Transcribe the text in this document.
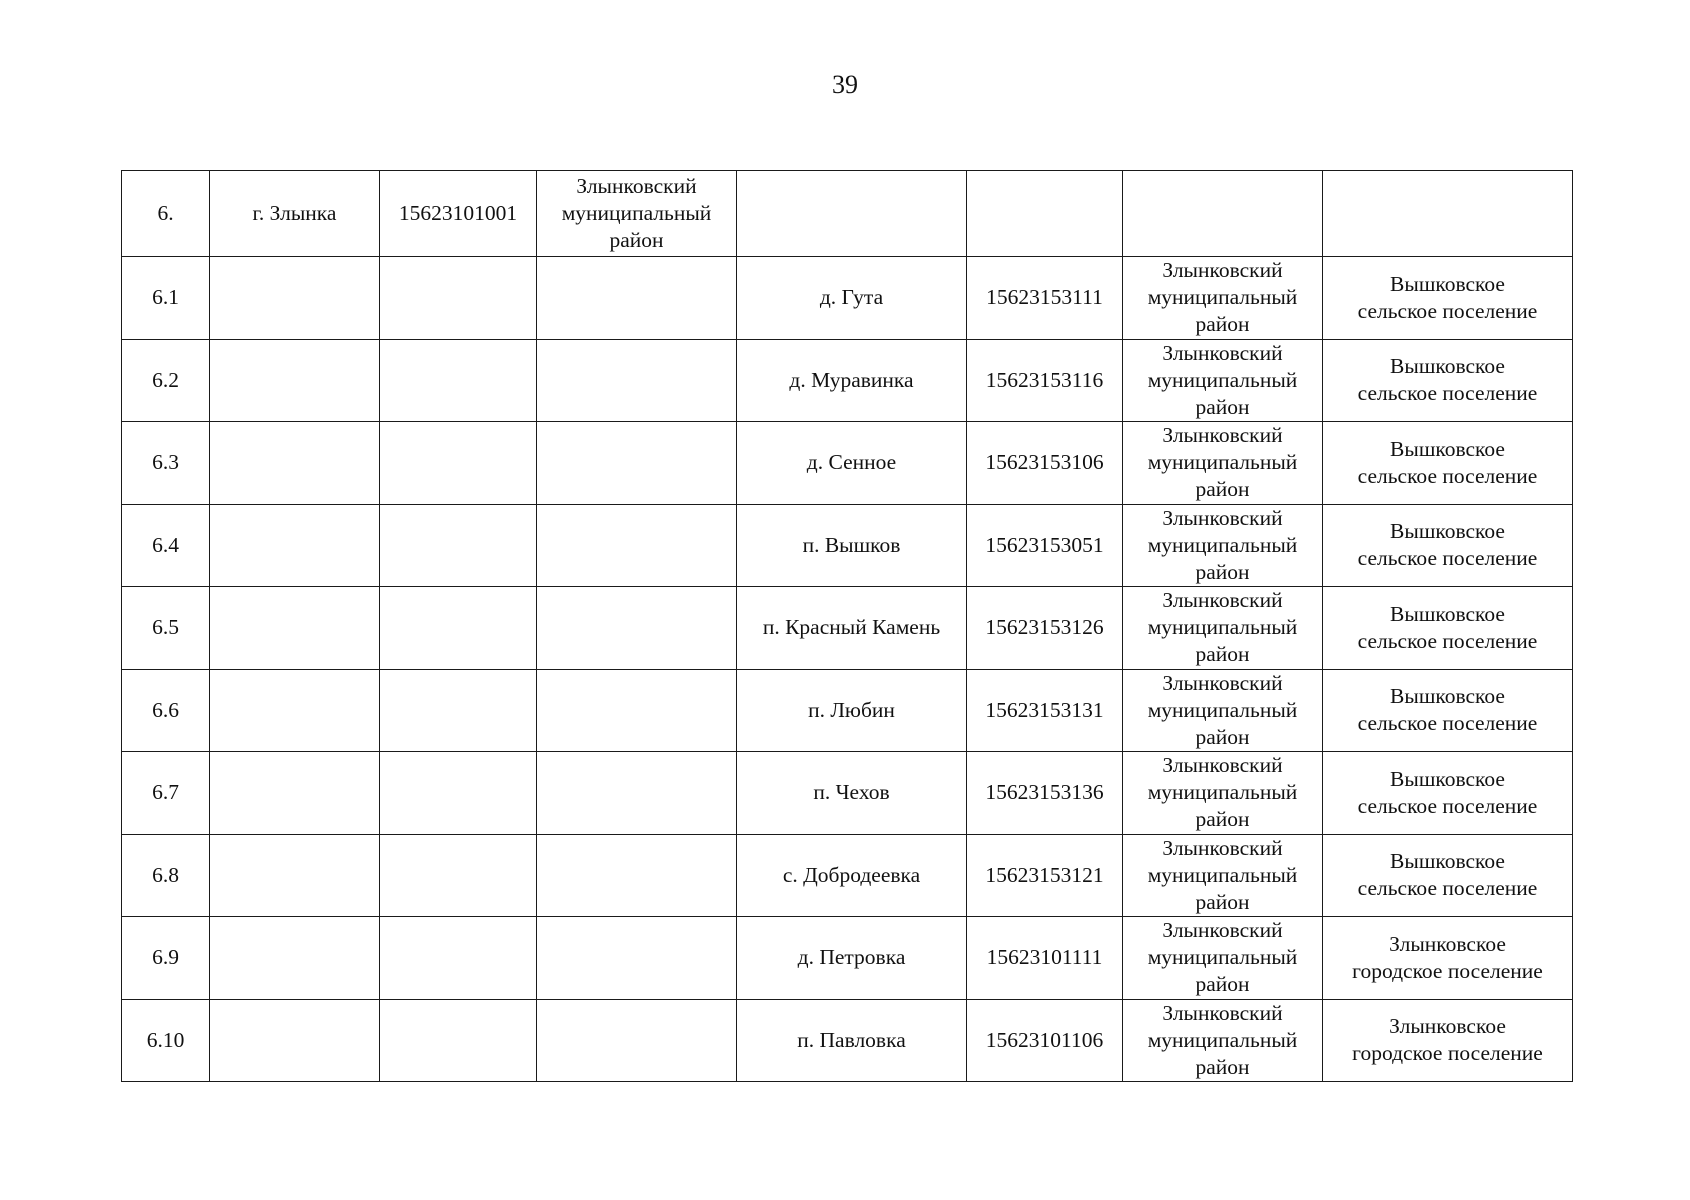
39
6.	г. Злынка	15623101001	Злынковский
муниципальный
район				

6.1				д. Гута	15623153111	Злынковский
муниципальный
район	Вышковское
сельское поселение

6.2				д. Муравинка	15623153116	Злынковский
муниципальный
район	Вышковское
сельское поселение

6.3				д. Сенное	15623153106	Злынковский
муниципальный
район	Вышковское
сельское поселение

6.4				п. Вышков	15623153051	Злынковский
муниципальный
район	Вышковское
сельское поселение

6.5				п. Красный Камень	15623153126	Злынковский
муниципальный
район	Вышковское
сельское поселение

6.6				п. Любин	15623153131	Злынковский
муниципальный
район	Вышковское
сельское поселение

6.7				п. Чехов	15623153136	Злынковский
муниципальный
район	Вышковское
сельское поселение

6.8				с. Добродеевка	15623153121	Злынковский
муниципальный
район	Вышковское
сельское поселение

6.9				д. Петровка	15623101111	Злынковский
муниципальный
район	Злынковское
городское поселение

6.10				п. Павловка	15623101106	Злынковский
муниципальный
район	Злынковское
городское поселение
